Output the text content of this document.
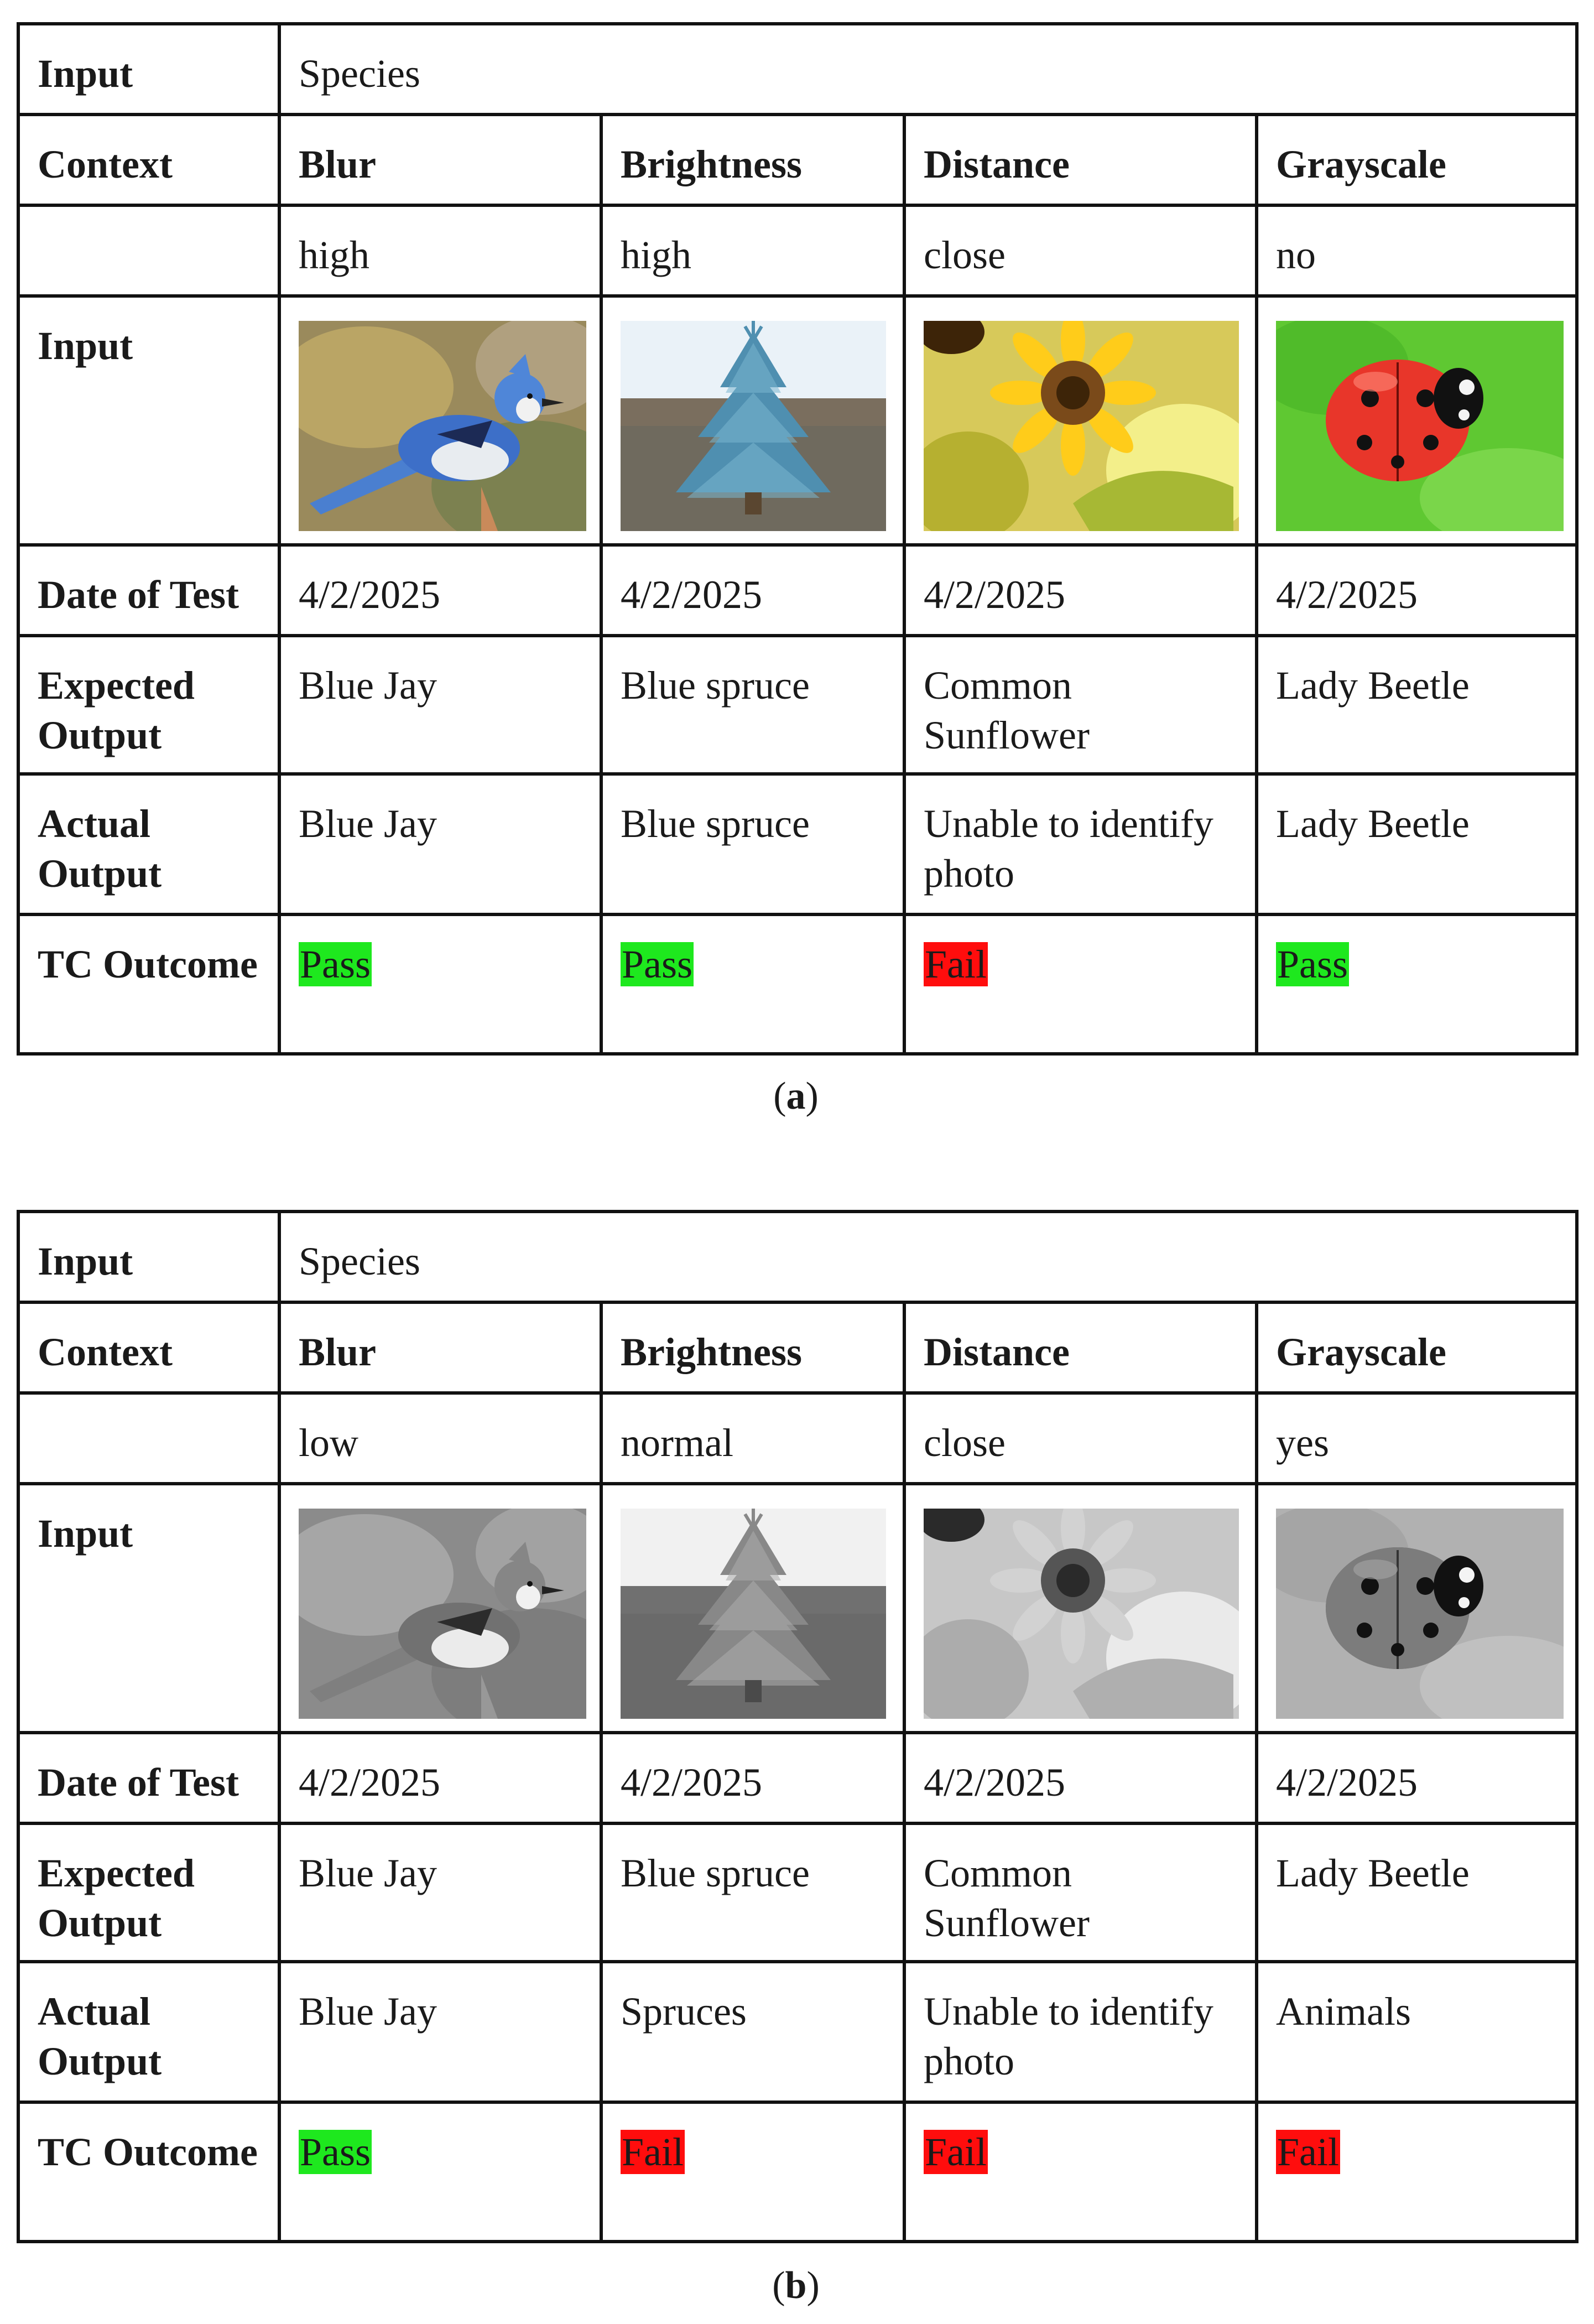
Input	Species			
Context	Blur	Brightness	Distance	Grayscale
	high	high	close	no
Input	

Date of Test	4/2/2025	4/2/2025	4/2/2025	4/2/2025
Expected Output	Blue Jay	Blue spruce	Common Sunflower	Lady Beetle
Actual Output	Blue Jay	Blue spruce	Unable to identify photo	Lady Beetle
TC Outcome	Pass	Pass	Fail	Pass
(a)
Input	Species			
Context	Blur	Brightness	Distance	Grayscale
	low	normal	close	yes
Input	

Date of Test	4/2/2025	4/2/2025	4/2/2025	4/2/2025
Expected Output	Blue Jay	Blue spruce	Common Sunflower	Lady Beetle
Actual Output	Blue Jay	Spruces	Unable to identify photo	Animals
TC Outcome	Pass	Fail	Fail	Fail
(b)
